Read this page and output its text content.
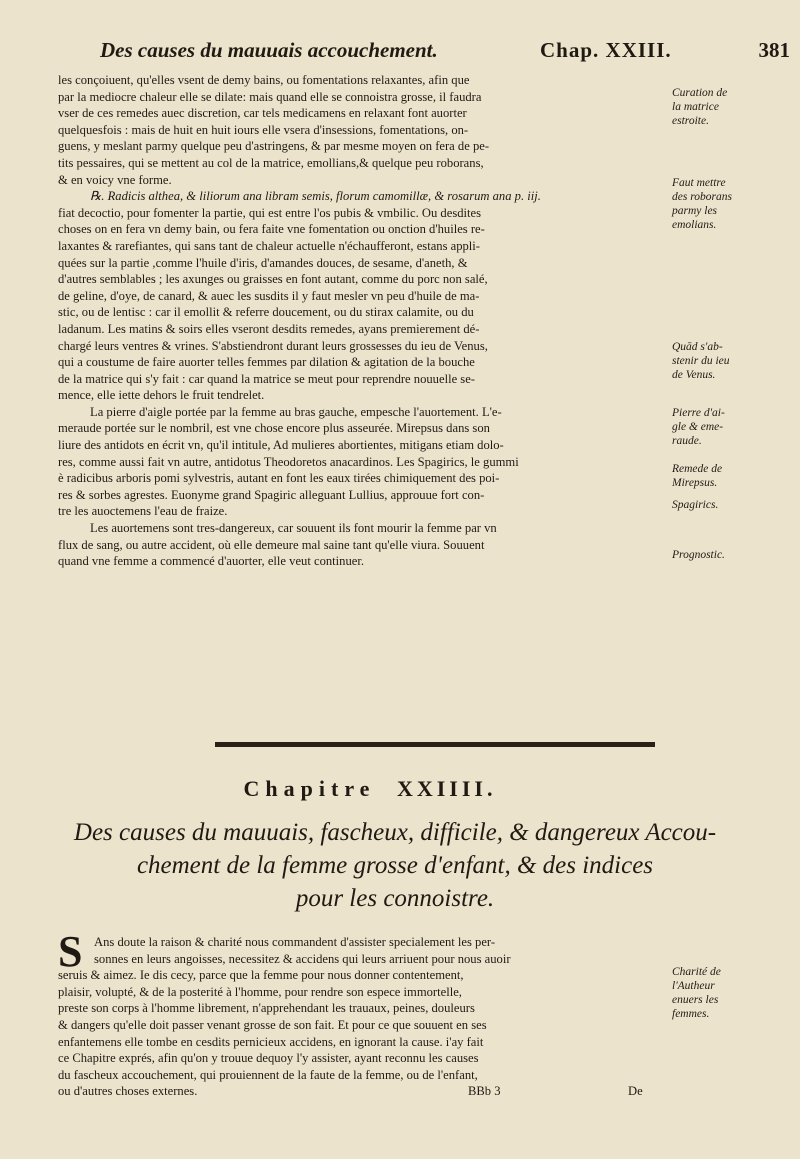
Des causes du mauuais accouchement.	Chap. XXIII.	381
les conçoiuent, qu'elles vsent de demy bains, ou fomentations relaxantes, afin que
par la mediocre chaleur elle se dilate: mais quand elle se connoistra grosse, il faudra
vser de ces remedes auec discretion, car tels medicamens en relaxant font auorter
quelquesfois : mais de huit en huit iours elle vsera d'insessions, fomentations, on-
guens, y meslant parmy quelque peu d'astringens, & par mesme moyen on fera de pe-
tits pessaires, qui se mettent au col de la matrice, emollians,& quelque peu roborans,
& en voicy vne forme.
℞. Radicis althea, & liliorum ana libram semis, florum camomillæ, & rosarum ana p. iij.
fiat decoctio, pour fomenter la partie, qui est entre l'os pubis & vmbilic. Ou desdites
choses on en fera vn demy bain, ou fera faite vne fomentation ou onction d'huiles re-
laxantes & rarefiantes, qui sans tant de chaleur actuelle n'échaufferont, estans appli-
quées sur la partie ,comme l'huile d'iris, d'amandes douces, de sesame, d'aneth, &
d'autres semblables ; les axunges ou graisses en font autant, comme du porc non salé,
de geline, d'oye, de canard, & auec les susdits il y faut mesler vn peu d'huile de ma-
stic, ou de lentisc : car il emollit & referre doucement, ou du stirax calamite, ou du
ladanum. Les matins & soirs elles vseront desdits remedes, ayans premierement dé-
chargé leurs ventres & vrines. S'abstiendront durant leurs grossesses du ieu de Venus,
qui a coustume de faire auorter telles femmes par dilation & agitation de la bouche
de la matrice qui s'y fait : car quand la matrice se meut pour reprendre nouuelle se-
mence, elle iette dehors le fruit tendrelet.
La pierre d'aigle portée par la femme au bras gauche, empesche l'auortement. L'e-
meraude portée sur le nombril, est vne chose encore plus asseurée. Mirepsus dans son
liure des antidots en écrit vn, qu'il intitule, Ad mulieres abortientes, mitigans etiam dolo-
res, comme aussi fait vn autre, antidotus Theodoretos anacardinos. Les Spagirics, le gummi
è radicibus arboris pomi sylvestris, autant en font les eaux tirées chimiquement des poi-
res & sorbes agrestes. Euonyme grand Spagiric alleguant Lullius, approuue fort con-
tre les auoctemens l'eau de fraize.
Les auortemens sont tres-dangereux, car souuent ils font mourir la femme par vn
flux de sang, ou autre accident, où elle demeure mal saine tant qu'elle viura. Souuent
quand vne femme a commencé d'auorter, elle veut continuer.
Curation de
la matrice
estroite.
Faut mettre
des roborans
parmy les
emolians.
Quād s'ab-
stenir du ieu
de Venus.
Pierre d'ai-
gle & eme-
raude.
Remede de
Mirepsus.
Spagirics.
Prognostic.
Chapitre XXIIII.
Des causes du mauuais, fascheux, difficile, & dangereux Accou-
chement de la femme grosse d'enfant, & des indices
pour les connoistre.
S Ans doute la raison & charité nous commandent d'assister specialement les per-
sonnes en leurs angoisses, necessitez & accidens qui leurs arriuent pour nous auoir
seruis & aimez. Ie dis cecy, parce que la femme pour nous donner contentement,
plaisir, volupté, & de la posterité à l'homme, pour rendre son espece immortelle,
preste son corps à l'homme librement, n'apprehendant les trauaux, peines, douleurs
& dangers qu'elle doit passer venant grosse de son fait. Et pour ce que souuent en ses
enfantemens elle tombe en cesdits pernicieux accidens, en ignorant la cause. i'ay fait
ce Chapitre exprés, afin qu'on y trouue dequoy l'y assister, ayant reconnu les causes
du fascheux accouchement, qui prouiennent de la faute de la femme, ou de l'enfant,
ou d'autres choses externes.	BBb 3	De
Charité de
l'Autheur
enuers les
femmes.
